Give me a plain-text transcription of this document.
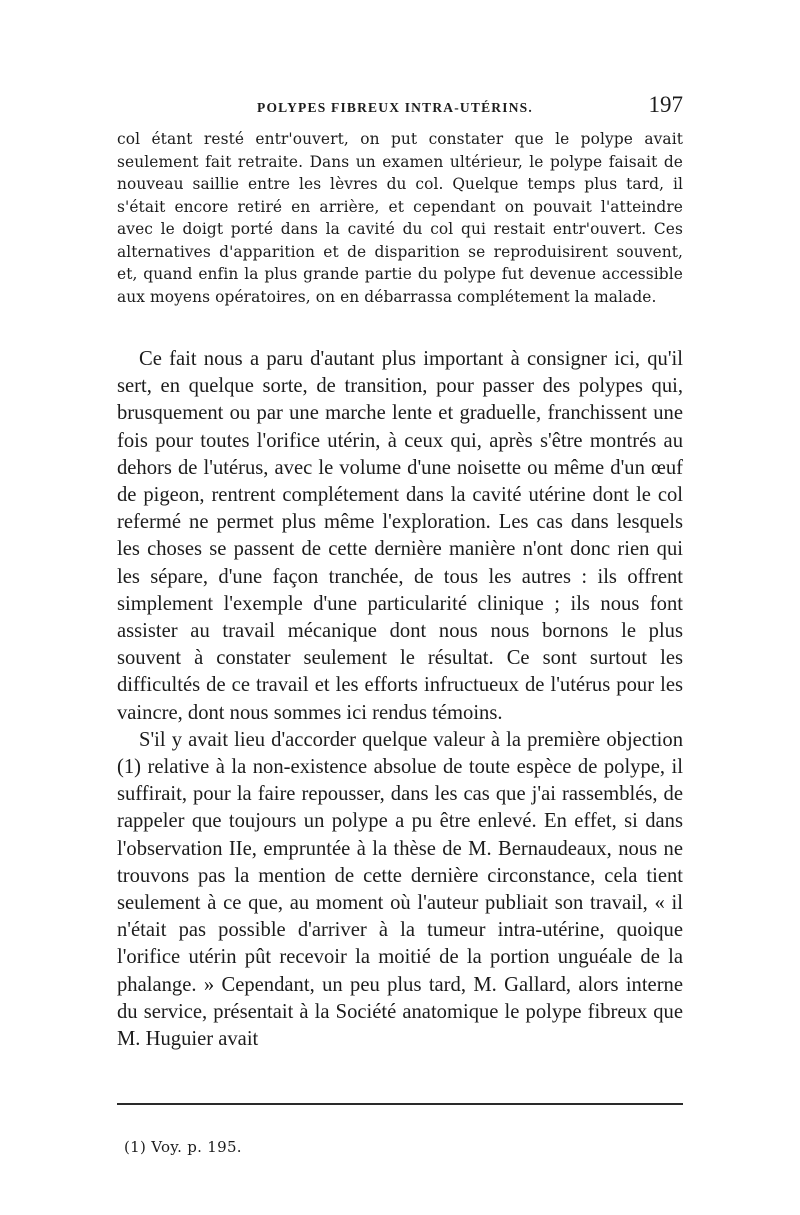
POLYPES FIBREUX INTRA-UTÉRINS.	197

col étant resté entr'ouvert, on put constater que le polype avait seulement fait retraite. Dans un examen ultérieur, le polype faisait de nouveau saillie entre les lèvres du col. Quelque temps plus tard, il s'était encore retiré en arrière, et cependant on pouvait l'atteindre avec le doigt porté dans la cavité du col qui restait entr'ouvert. Ces alternatives d'apparition et de disparition se reproduisirent souvent, et, quand enfin la plus grande partie du polype fut devenue accessible aux moyens opératoires, on en débarrassa complétement la malade.

Ce fait nous a paru d'autant plus important à consigner ici, qu'il sert, en quelque sorte, de transition, pour passer des polypes qui, brusquement ou par une marche lente et graduelle, franchissent une fois pour toutes l'orifice utérin, à ceux qui, après s'être montrés au dehors de l'utérus, avec le volume d'une noisette ou même d'un œuf de pigeon, rentrent complétement dans la cavité utérine dont le col refermé ne permet plus même l'exploration. Les cas dans lesquels les choses se passent de cette dernière manière n'ont donc rien qui les sépare, d'une façon tranchée, de tous les autres : ils offrent simplement l'exemple d'une particularité clinique ; ils nous font assister au travail mécanique dont nous nous bornons le plus souvent à constater seulement le résultat. Ce sont surtout les difficultés de ce travail et les efforts infructueux de l'utérus pour les vaincre, dont nous sommes ici rendus témoins.

S'il y avait lieu d'accorder quelque valeur à la première objection (1) relative à la non-existence absolue de toute espèce de polype, il suffirait, pour la faire repousser, dans les cas que j'ai rassemblés, de rappeler que toujours un polype a pu être enlevé. En effet, si dans l'observation IIe, empruntée à la thèse de M. Bernaudeaux, nous ne trouvons pas la mention de cette dernière circonstance, cela tient seulement à ce que, au moment où l'auteur publiait son travail, « il n'était pas possible d'arriver à la tumeur intra-utérine, quoique l'orifice utérin pût recevoir la moitié de la portion unguéale de la phalange. » Cependant, un peu plus tard, M. Gallard, alors interne du service, présentait à la Société anatomique le polype fibreux que M. Huguier avait

(1) Voy. p. 195.
